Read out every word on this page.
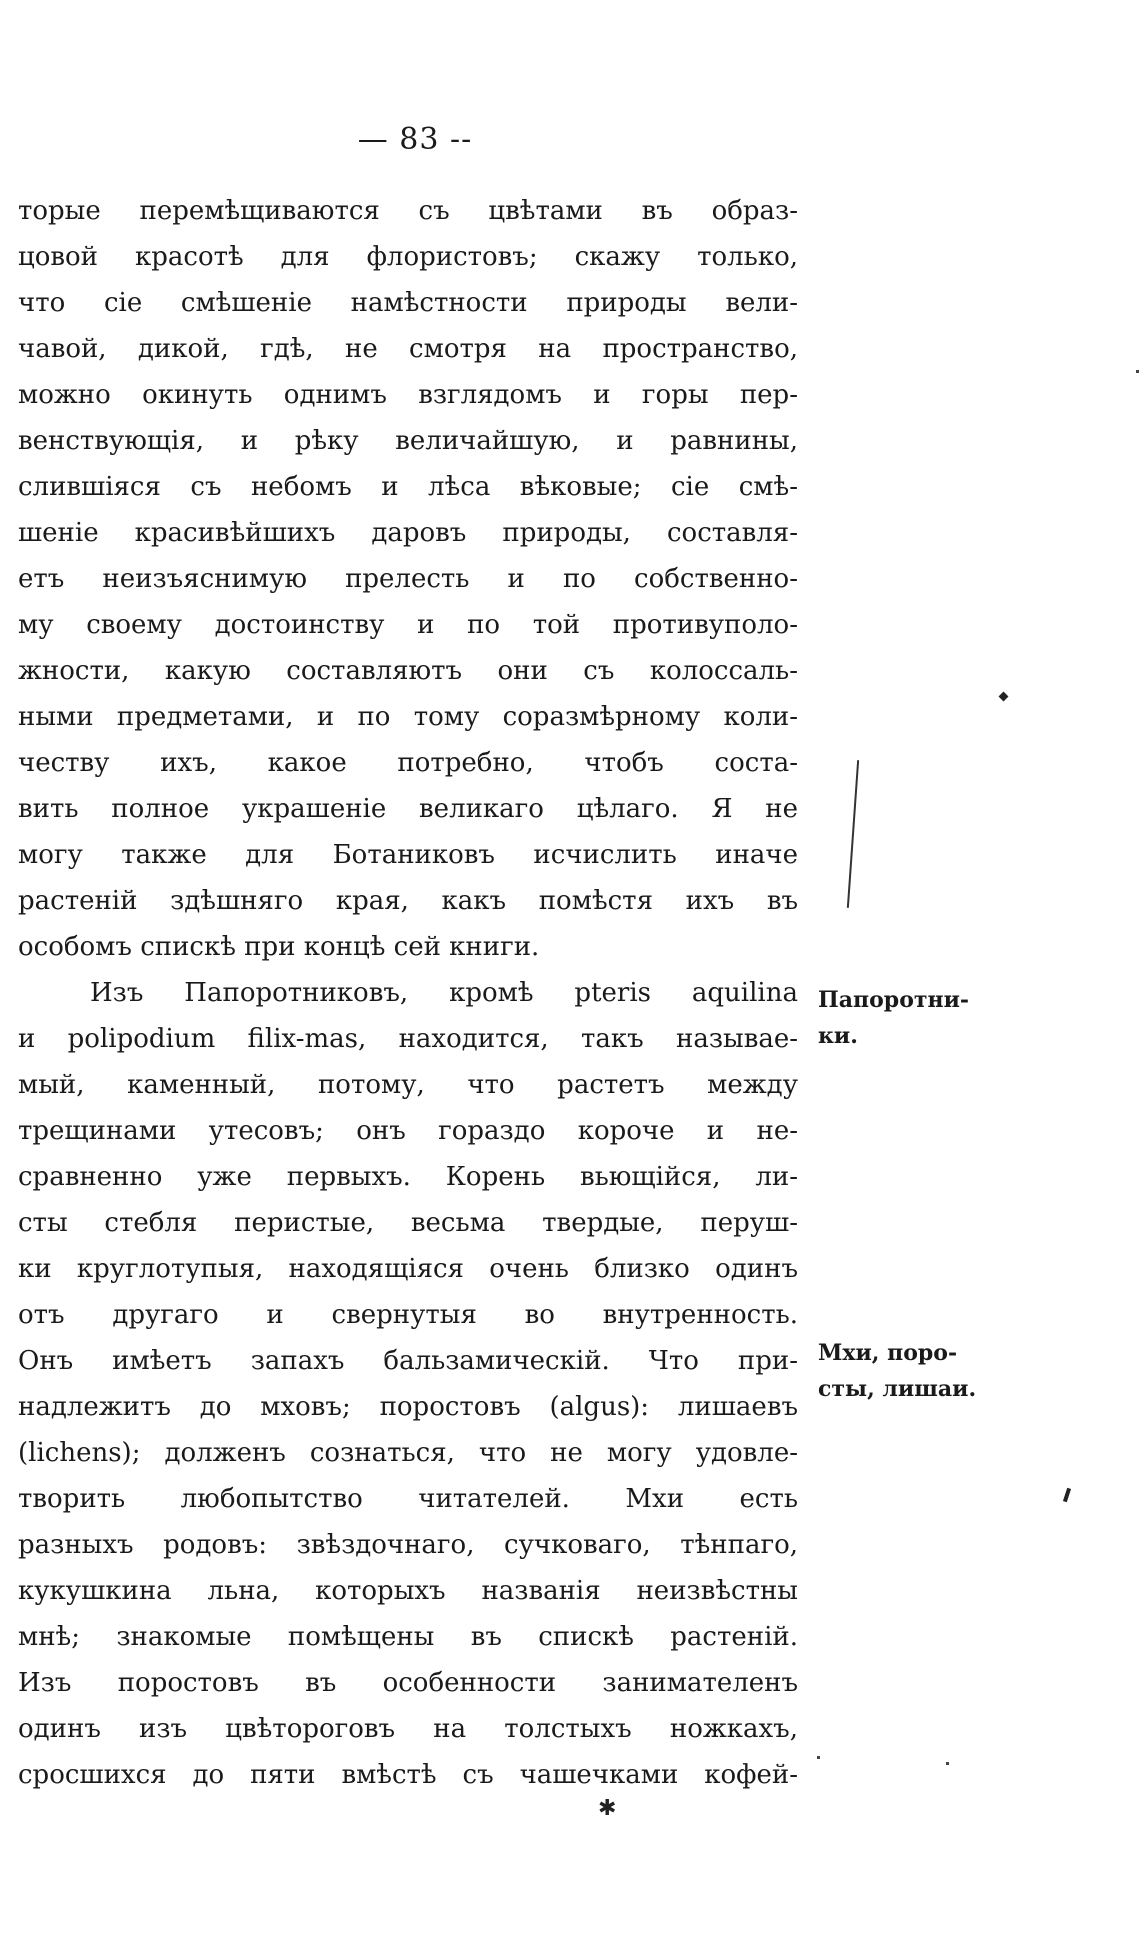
— 83 --
торые перемѣщиваются съ цвѣтами въ образ-
цовой красотѣ для флористовъ; скажу только,
что сіе смѣшеніе намѣстности природы вели-
чавой, дикой, гдѣ, не смотря на пространство,
можно окинуть однимъ взглядомъ и горы пер-
венствующія, и рѣку величайшую, и равнины,
слившіяся съ небомъ и лѣса вѣковые; сіе смѣ-
шеніе красивѣйшихъ даровъ природы, составля-
етъ неизъяснимую прелесть и по собственно-
му своему достоинству и по той противуполо-
жности, какую составляютъ они съ колоссаль-
ными предметами, и по тому соразмѣрному коли-
честву ихъ, какое потребно, чтобъ соста-
вить полное украшеніе великаго цѣлаго. Я не
могу также для Ботаниковъ исчислить иначе
растеній здѣшняго края, какъ помѣстя ихъ въ
особомъ спискѣ при концѣ сей книги.
Изъ Папоротниковъ, кромѣ pteris aquilina
и polipodium filix-mas, находится, такъ называе-
мый, каменный, потому, что растетъ между
трещинами утесовъ; онъ гораздо короче и не-
сравненно уже первыхъ. Корень вьющійся, ли-
сты стебля перистые, весьма твердые, перуш-
ки круглотупыя, находящіяся очень близко одинъ
отъ другаго и свернутыя во внутренность.
Онъ имѣетъ запахъ бальзамическій. Что при-
надлежитъ до мховъ; поростовъ (algus): лишаевъ
(lichens); долженъ сознаться, что не могу удовле-
творить любопытство читателей. Мхи есть
разныхъ родовъ: звѣздочнаго, сучковаго, тѣнпаго,
кукушкина льна, которыхъ названія неизвѣстны
мнѣ; знакомые помѣщены въ спискѣ растеній.
Изъ поростовъ въ особенности занимателенъ
одинъ изъ цвѣтороговъ на толстыхъ ножкахъ,
сросшихся до пяти вмѣстѣ съ чашечками кофей-
Папоротни-
ки.
Мхи, поро-
сты, лишаи.
✱
